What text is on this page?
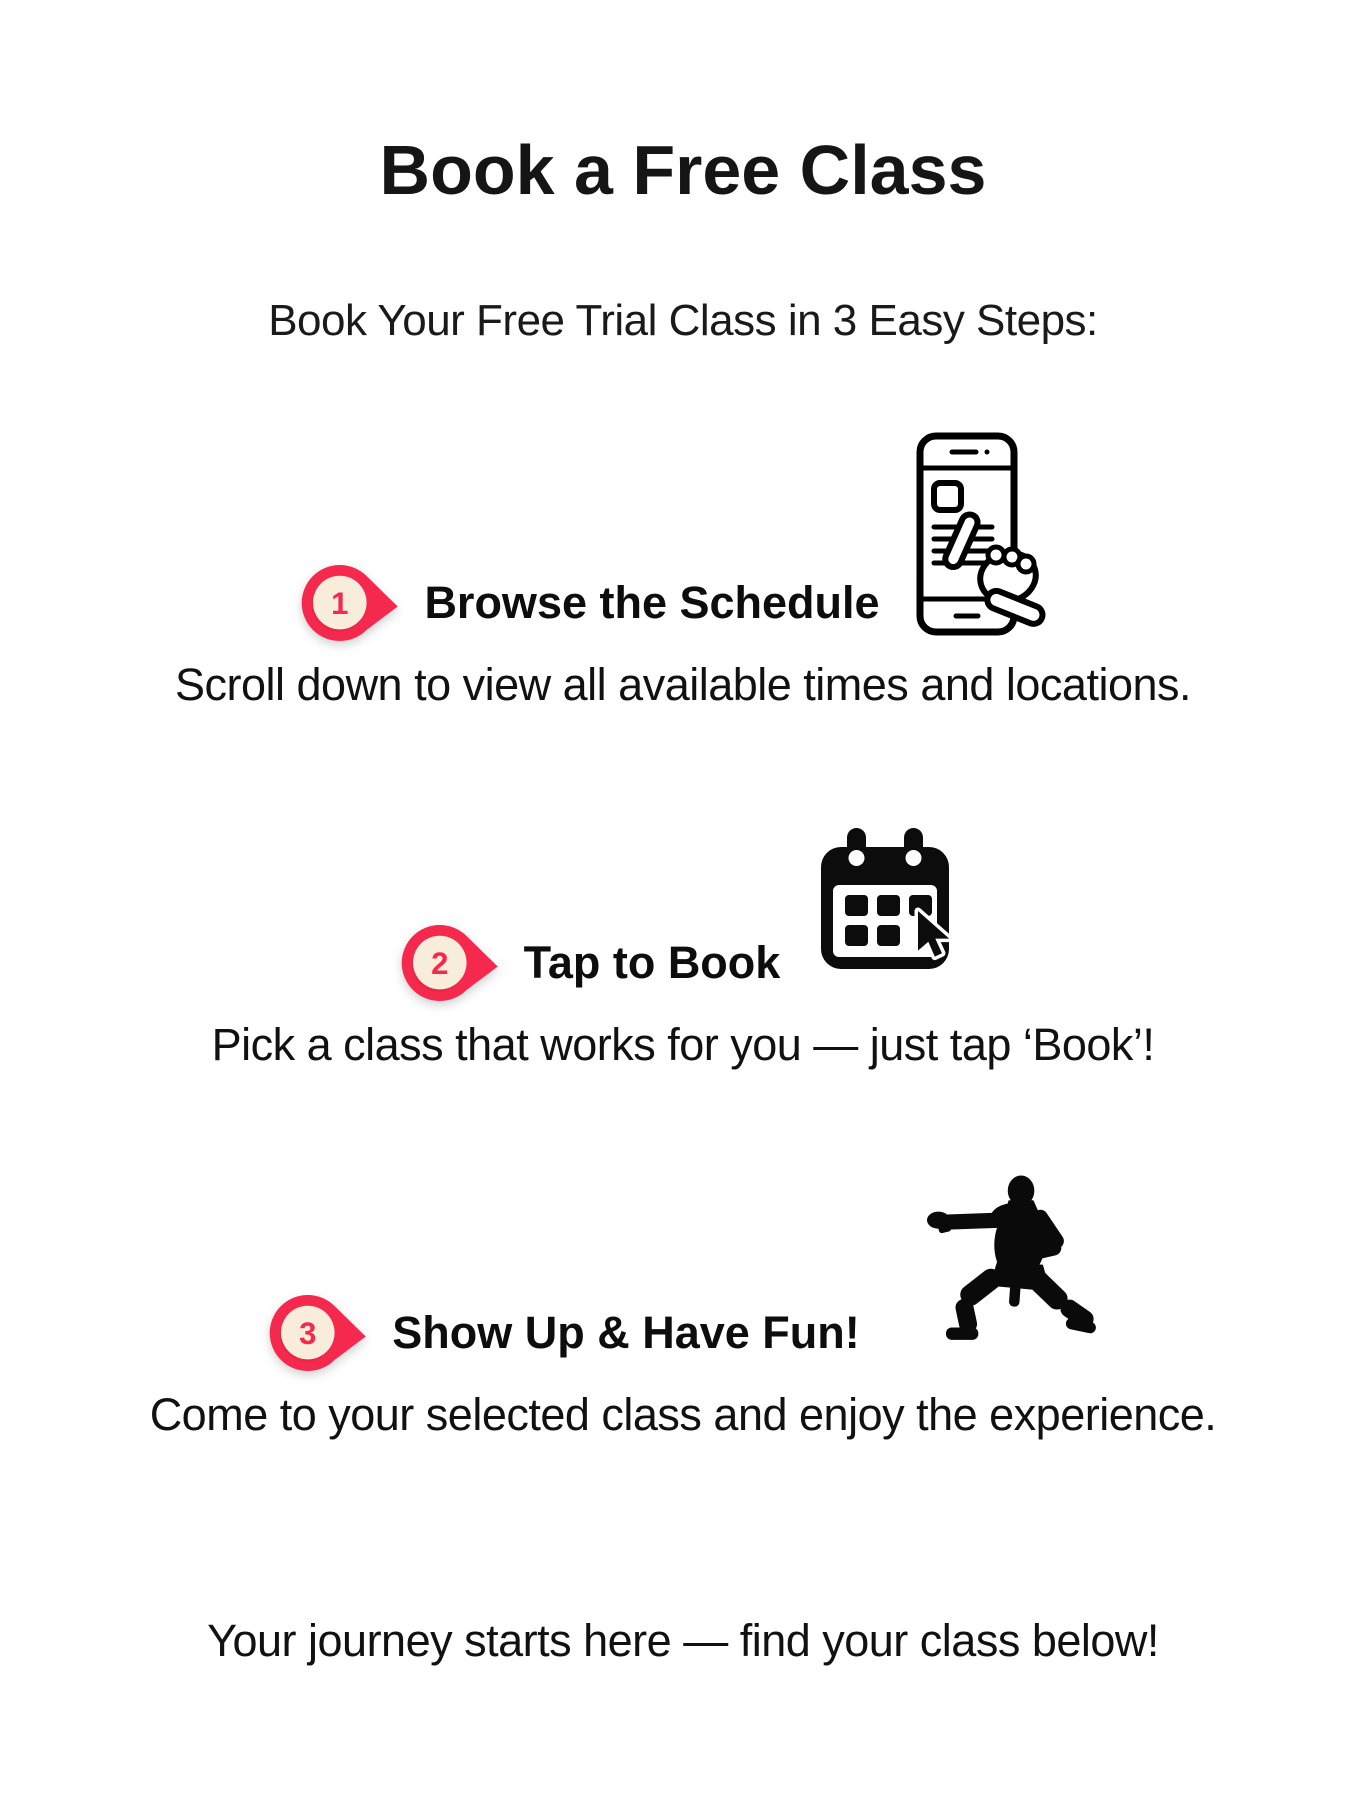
Book a Free Class

Book Your Free Trial Class in 3 Easy Steps:

1 Browse the Schedule

Scroll down to view all available times and locations.

2 Tap to Book

Pick a class that works for you — just tap ‘Book’!

3 Show Up & Have Fun!

Come to your selected class and enjoy the experience.

Your journey starts here — find your class below!
